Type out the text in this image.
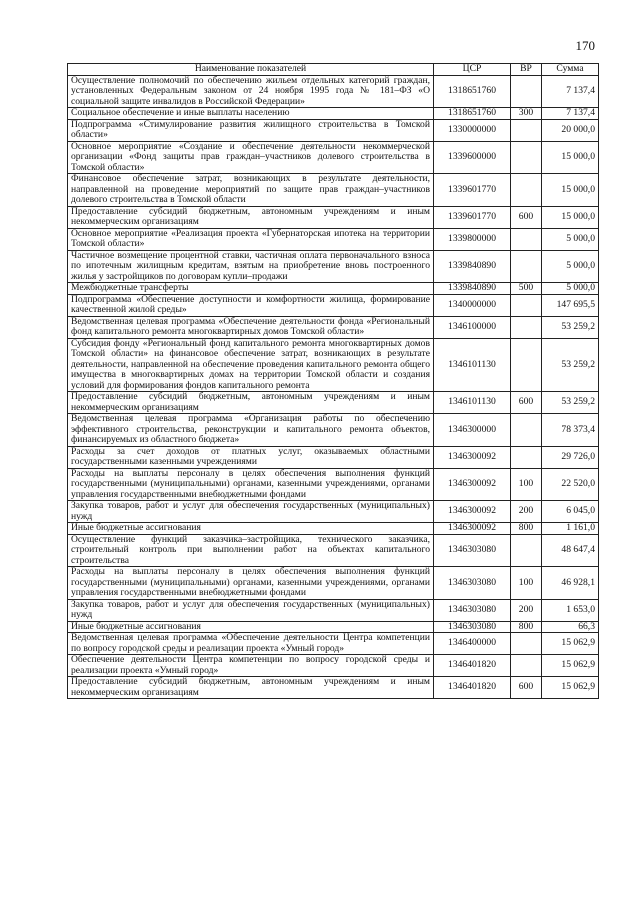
170
Наименование показателей	ЦСР	ВР	Сумма
Осуществление полномочий по обеспечению жильем отдельных категорий граждан, установленных Федеральным законом от 24 ноября 1995 года № 181–ФЗ «О социальной защите инвалидов в Российской Федерации»	1318651760		7 137,4
Социальное обеспечение и иные выплаты населению	1318651760	300	7 137,4
Подпрограмма «Стимулирование развития жилищного строительства в Томской области»	1330000000		20 000,0
Основное мероприятие «Создание и обеспечение деятельности некоммерческой организации «Фонд защиты прав граждан–участников долевого строительства в Томской области»	1339600000		15 000,0
Финансовое обеспечение затрат, возникающих в результате деятельности, направленной на проведение мероприятий по защите прав граждан–участников долевого строительства в Томской области	1339601770		15 000,0
Предоставление субсидий бюджетным, автономным учреждениям и иным некоммерческим организациям	1339601770	600	15 000,0
Основное мероприятие «Реализация проекта «Губернаторская ипотека на территории Томской области»	1339800000		5 000,0
Частичное возмещение процентной ставки, частичная оплата первоначального взноса по ипотечным жилищным кредитам, взятым на приобретение вновь построенного жилья у застройщиков по договорам купли–продажи	1339840890		5 000,0
Межбюджетные трансферты	1339840890	500	5 000,0
Подпрограмма «Обеспечение доступности и комфортности жилища, формирование качественной жилой среды»	1340000000		147 695,5
Ведомственная целевая программа «Обеспечение деятельности фонда «Региональный фонд капитального ремонта многоквартирных домов Томской области»	1346100000		53 259,2
Субсидия фонду «Региональный фонд капитального ремонта многоквартирных домов Томской области» на финансовое обеспечение затрат, возникающих в результате деятельности, направленной на обеспечение проведения капитального ремонта общего имущества в многоквартирных домах на территории Томской области и создания условий для формирования фондов капитального ремонта	1346101130		53 259,2
Предоставление субсидий бюджетным, автономным учреждениям и иным некоммерческим организациям	1346101130	600	53 259,2
Ведомственная целевая программа «Организация работы по обеспечению эффективного строительства, реконструкции и капитального ремонта объектов, финансируемых из областного бюджета»	1346300000		78 373,4
Расходы за счет доходов от платных услуг, оказываемых областными государственными казенными учреждениями	1346300092		29 726,0
Расходы на выплаты персоналу в целях обеспечения выполнения функций государственными (муниципальными) органами, казенными учреждениями, органами управления государственными внебюджетными фондами	1346300092	100	22 520,0
Закупка товаров, работ и услуг для обеспечения государственных (муниципальных) нужд	1346300092	200	6 045,0
Иные бюджетные ассигнования	1346300092	800	1 161,0
Осуществление функций заказчика–застройщика, технического заказчика, строительный контроль при выполнении работ на объектах капитального строительства	1346303080		48 647,4
Расходы на выплаты персоналу в целях обеспечения выполнения функций государственными (муниципальными) органами, казенными учреждениями, органами управления государственными внебюджетными фондами	1346303080	100	46 928,1
Закупка товаров, работ и услуг для обеспечения государственных (муниципальных) нужд	1346303080	200	1 653,0
Иные бюджетные ассигнования	1346303080	800	66,3
Ведомственная целевая программа «Обеспечение деятельности Центра компетенции по вопросу городской среды и реализации проекта «Умный город»	1346400000		15 062,9
Обеспечение деятельности Центра компетенции по вопросу городской среды и реализации проекта «Умный город»	1346401820		15 062,9
Предоставление субсидий бюджетным, автономным учреждениям и иным некоммерческим организациям	1346401820	600	15 062,9
